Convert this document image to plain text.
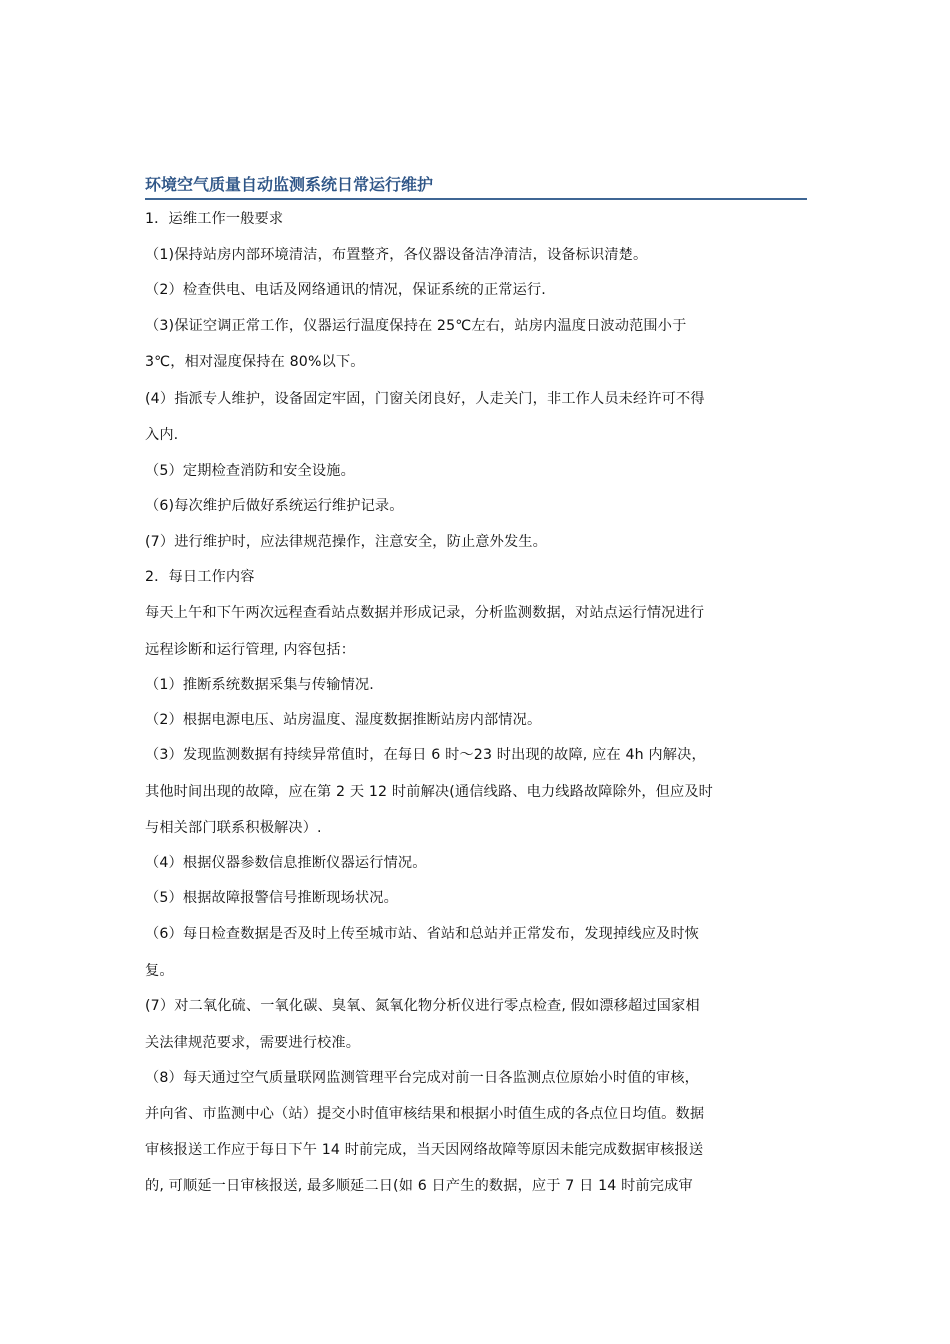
环境空气质量自动监测系统日常运行维护
1．运维工作一般要求
（1)保持站房内部环境清洁，布置整齐，各仪器设备洁净清洁，设备标识清楚。
（2）检查供电、电话及网络通讯的情况，保证系统的正常运行.
（3)保证空调正常工作，仪器运行温度保持在 25℃左右，站房内温度日波动范围小于
3℃，相对湿度保持在 80%以下。
(4）指派专人维护，设备固定牢固，门窗关闭良好，人走关门，非工作人员未经许可不得
入内.
（5）定期检查消防和安全设施。
（6)每次维护后做好系统运行维护记录。
(7）进行维护时，应法律规范操作，注意安全，防止意外发生。
2．每日工作内容
每天上午和下午两次远程查看站点数据并形成记录，分析监测数据，对站点运行情况进行
远程诊断和运行管理, 内容包括：
（1）推断系统数据采集与传输情况.
（2）根据电源电压、站房温度、湿度数据推断站房内部情况。
（3）发现监测数据有持续异常值时，在每日 6 时～23 时出现的故障, 应在 4h 内解决，
其他时间出现的故障，应在第 2 天 12 时前解决(通信线路、电力线路故障除外，但应及时
与相关部门联系积极解决）.
（4）根据仪器参数信息推断仪器运行情况。
（5）根据故障报警信号推断现场状况。
（6）每日检查数据是否及时上传至城市站、省站和总站并正常发布，发现掉线应及时恢
复。
(7）对二氧化硫、一氧化碳、臭氧、氮氧化物分析仪进行零点检查, 假如漂移超过国家相
关法律规范要求，需要进行校准。
（8）每天通过空气质量联网监测管理平台完成对前一日各监测点位原始小时值的审核，
并向省、市监测中心（站）提交小时值审核结果和根据小时值生成的各点位日均值。数据
审核报送工作应于每日下午 14 时前完成，当天因网络故障等原因未能完成数据审核报送
的, 可顺延一日审核报送, 最多顺延二日(如 6 日产生的数据，应于 7 日 14 时前完成审
